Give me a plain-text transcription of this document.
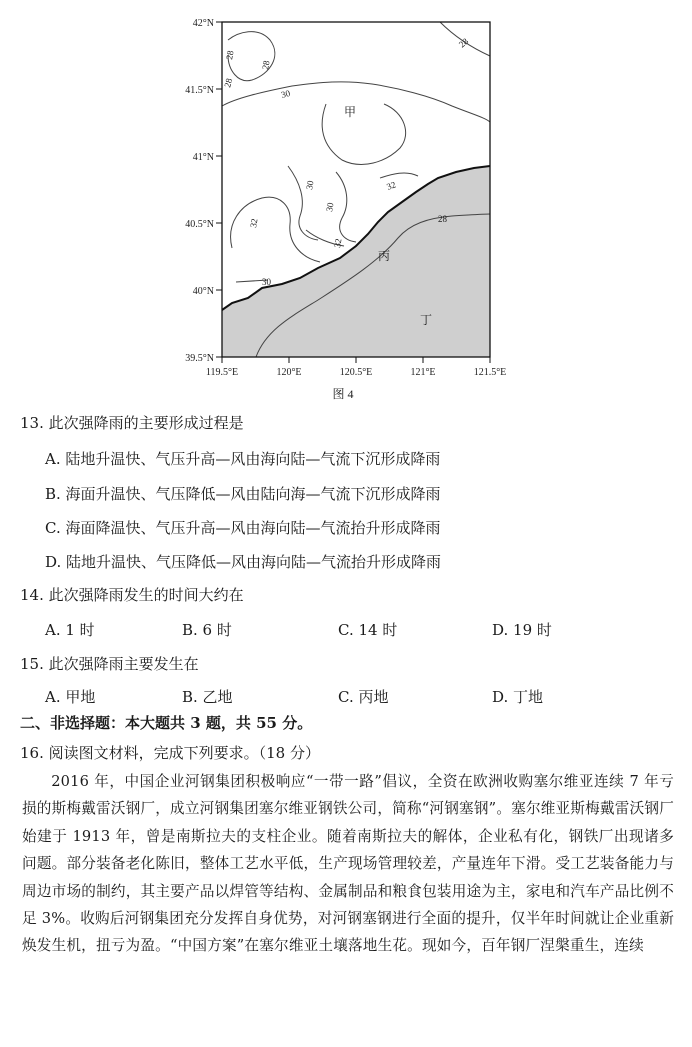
42°N
41.5°N
41°N
40.5°N
40°N
39.5°N
119.5°E	120°E	120.5°E	121°E	121.5°E
28
28
28
28
30
30
30
30
32
32
32
28
甲
丙
丁
图 4
13. 此次强降雨的主要形成过程是
A. 陆地升温快、气压升高—风由海向陆—气流下沉形成降雨
B. 海面升温快、气压降低—风由陆向海—气流下沉形成降雨
C. 海面降温快、气压升高—风由海向陆—气流抬升形成降雨
D. 陆地升温快、气压降低—风由海向陆—气流抬升形成降雨
14. 此次强降雨发生的时间大约在
A. 1 时	B. 6 时	C. 14 时	D. 19 时
15. 此次强降雨主要发生在
A. 甲地	B. 乙地	C. 丙地	D. 丁地
二、非选择题：本大题共 3 题，共 55 分。
16. 阅读图文材料，完成下列要求。（18 分）

2016 年，中国企业河钢集团积极响应“一带一路”倡议，全资在欧洲收购塞尔维亚连续 7 年亏损的斯梅戴雷沃钢厂，成立河钢集团塞尔维亚钢铁公司，简称“河钢塞钢”。塞尔维亚斯梅戴雷沃钢厂始建于 1913 年，曾是南斯拉夫的支柱企业。随着南斯拉夫的解体，企业私有化，钢铁厂出现诸多问题。部分装备老化陈旧，整体工艺水平低，生产现场管理较差，产量连年下滑。受工艺装备能力与周边市场的制约，其主要产品以焊管等结构、金属制品和粮食包装用途为主，家电和汽车产品比例不足 3%。收购后河钢集团充分发挥自身优势，对河钢塞钢进行全面的提升，仅半年时间就让企业重新焕发生机，扭亏为盈。“中国方案”在塞尔维亚土壤落地生花。现如今，百年钢厂涅槃重生，连续
